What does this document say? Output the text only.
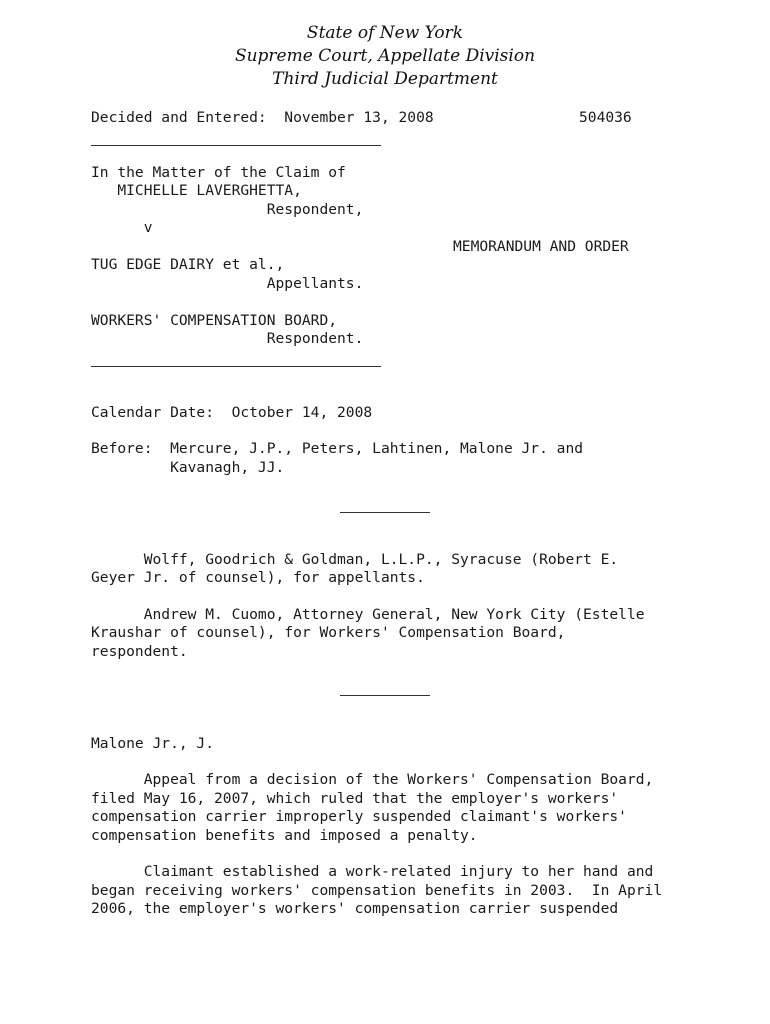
State of New York
Supreme Court, Appellate Division
Third Judicial Department
Decided and Entered:  November 13, 2008	504036
In the Matter of the Claim of
MICHELLE LAVERGHETTA,
Respondent,
v
MEMORANDUM AND ORDER
TUG EDGE DAIRY et al.,
Appellants.
WORKERS' COMPENSATION BOARD,
Respondent.
Calendar Date:  October 14, 2008
Before:  Mercure, J.P., Peters, Lahtinen, Malone Jr. and
Kavanagh, JJ.
Wolff, Goodrich & Goldman, L.L.P., Syracuse (Robert E.
Geyer Jr. of counsel), for appellants.
Andrew M. Cuomo, Attorney General, New York City (Estelle
Kraushar of counsel), for Workers' Compensation Board,
respondent.
Malone Jr., J.
Appeal from a decision of the Workers' Compensation Board,
filed May 16, 2007, which ruled that the employer's workers'
compensation carrier improperly suspended claimant's workers'
compensation benefits and imposed a penalty.
Claimant established a work-related injury to her hand and
began receiving workers' compensation benefits in 2003.  In April
2006, the employer's workers' compensation carrier suspended
